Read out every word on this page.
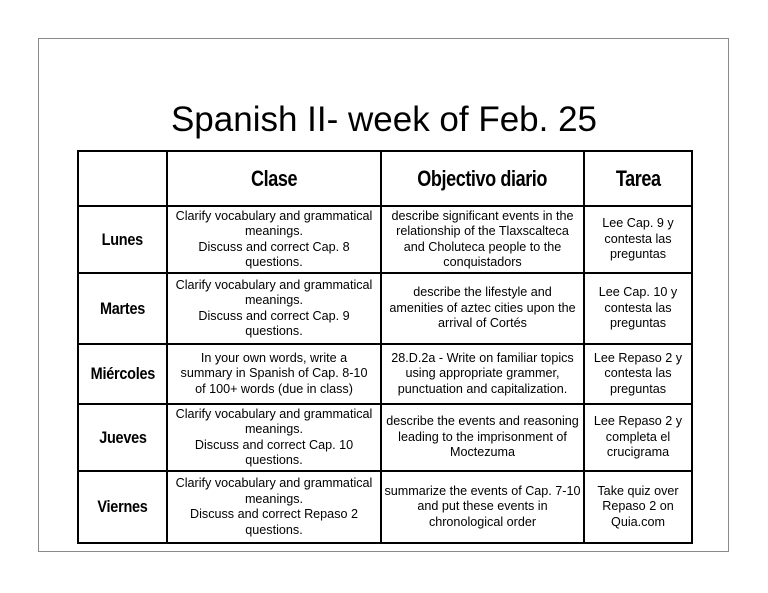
Spanish II- week of Feb. 25
	Clase	Objectivo diario	Tarea
Lunes	Clarify vocabulary and grammatical
meanings.
Discuss and correct Cap. 8
questions.	describe significant events in the
relationship of the Tlaxscalteca
and Choluteca people to the
conquistadors	Lee Cap. 9 y
contesta las
preguntas
Martes	Clarify vocabulary and grammatical
meanings.
Discuss and correct Cap. 9
questions.	describe the lifestyle and
amenities of aztec cities upon the
arrival of Cortés	Lee Cap. 10 y
contesta las
preguntas
Miércoles	In your own words, write a
summary in Spanish of Cap. 8-10
of 100+ words (due in class)	28.D.2a - Write on familiar topics
using appropriate grammer,
punctuation and capitalization.	Lee Repaso 2 y
contesta las
preguntas
Jueves	Clarify vocabulary and grammatical
meanings.
Discuss and correct Cap. 10
questions.	describe the events and reasoning
leading to the imprisonment of
Moctezuma	Lee Repaso 2 y
completa el
crucigrama
Viernes	Clarify vocabulary and grammatical
meanings.
Discuss and correct Repaso 2
questions.	summarize the events of Cap. 7-10
and put these events in
chronological order	Take quiz over
Repaso 2 on
Quia.com
